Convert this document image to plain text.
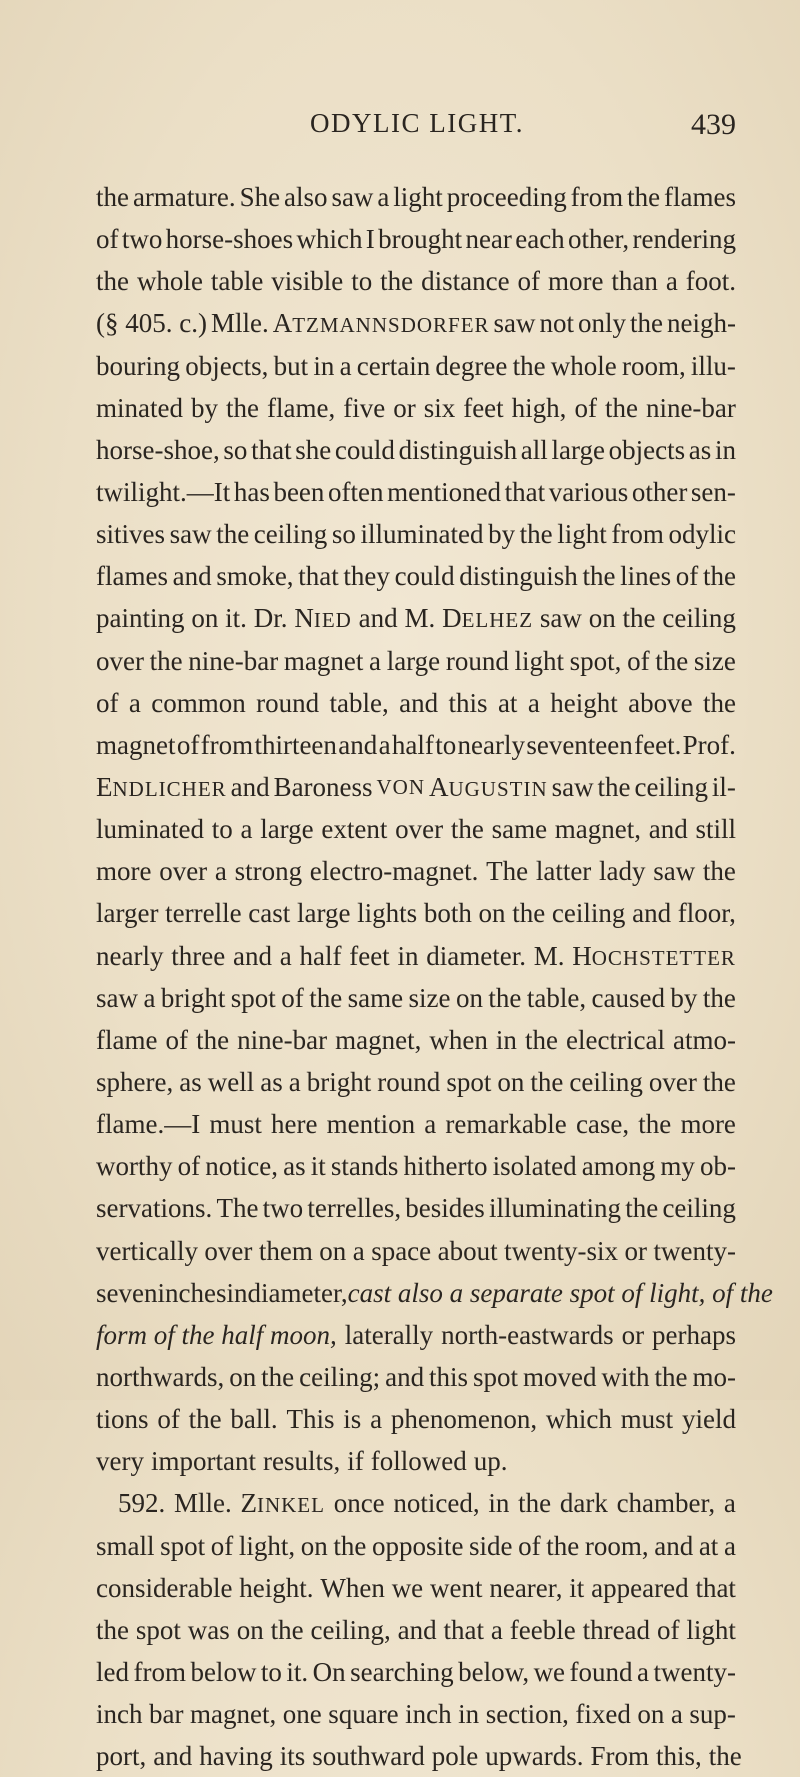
ODYLIC LIGHT.	439
the armature. She also saw a light proceeding from the flames
of two horse-shoes which I brought near each other, rendering
the whole table visible to the distance of more than a foot.
(§ 405. c.) Mlle. ATZMANNSDORFER saw not only the neigh-
bouring objects, but in a certain degree the whole room, illu-
minated by the flame, five or six feet high, of the nine-bar
horse-shoe, so that she could distinguish all large objects as in
twilight.—It has been often mentioned that various other sen-
sitives saw the ceiling so illuminated by the light from odylic
flames and smoke, that they could distinguish the lines of the
painting on it. Dr. NIED and M. DELHEZ saw on the ceiling
over the nine-bar magnet a large round light spot, of the size
of a common round table, and this at a height above the
magnet of from thirteen and a half to nearly seventeen feet. Prof.
ENDLICHER and Baroness VON AUGUSTIN saw the ceiling il-
luminated to a large extent over the same magnet, and still
more over a strong electro-magnet. The latter lady saw the
larger terrelle cast large lights both on the ceiling and floor,
nearly three and a half feet in diameter. M. HOCHSTETTER
saw a bright spot of the same size on the table, caused by the
flame of the nine-bar magnet, when in the electrical atmo-
sphere, as well as a bright round spot on the ceiling over the
flame.—I must here mention a remarkable case, the more
worthy of notice, as it stands hitherto isolated among my ob-
servations. The two terrelles, besides illuminating the ceiling
vertically over them on a space about twenty-six or twenty-
seven inches in diameter, cast also a separate spot of light, of the
form of the half moon, laterally north-eastwards or perhaps
northwards, on the ceiling; and this spot moved with the mo-
tions of the ball. This is a phenomenon, which must yield
very important results, if followed up.
592. Mlle. ZINKEL once noticed, in the dark chamber, a
small spot of light, on the opposite side of the room, and at a
considerable height. When we went nearer, it appeared that
the spot was on the ceiling, and that a feeble thread of light
led from below to it. On searching below, we found a twenty-
inch bar magnet, one square inch in section, fixed on a sup-
port, and having its southward pole upwards. From this, the
